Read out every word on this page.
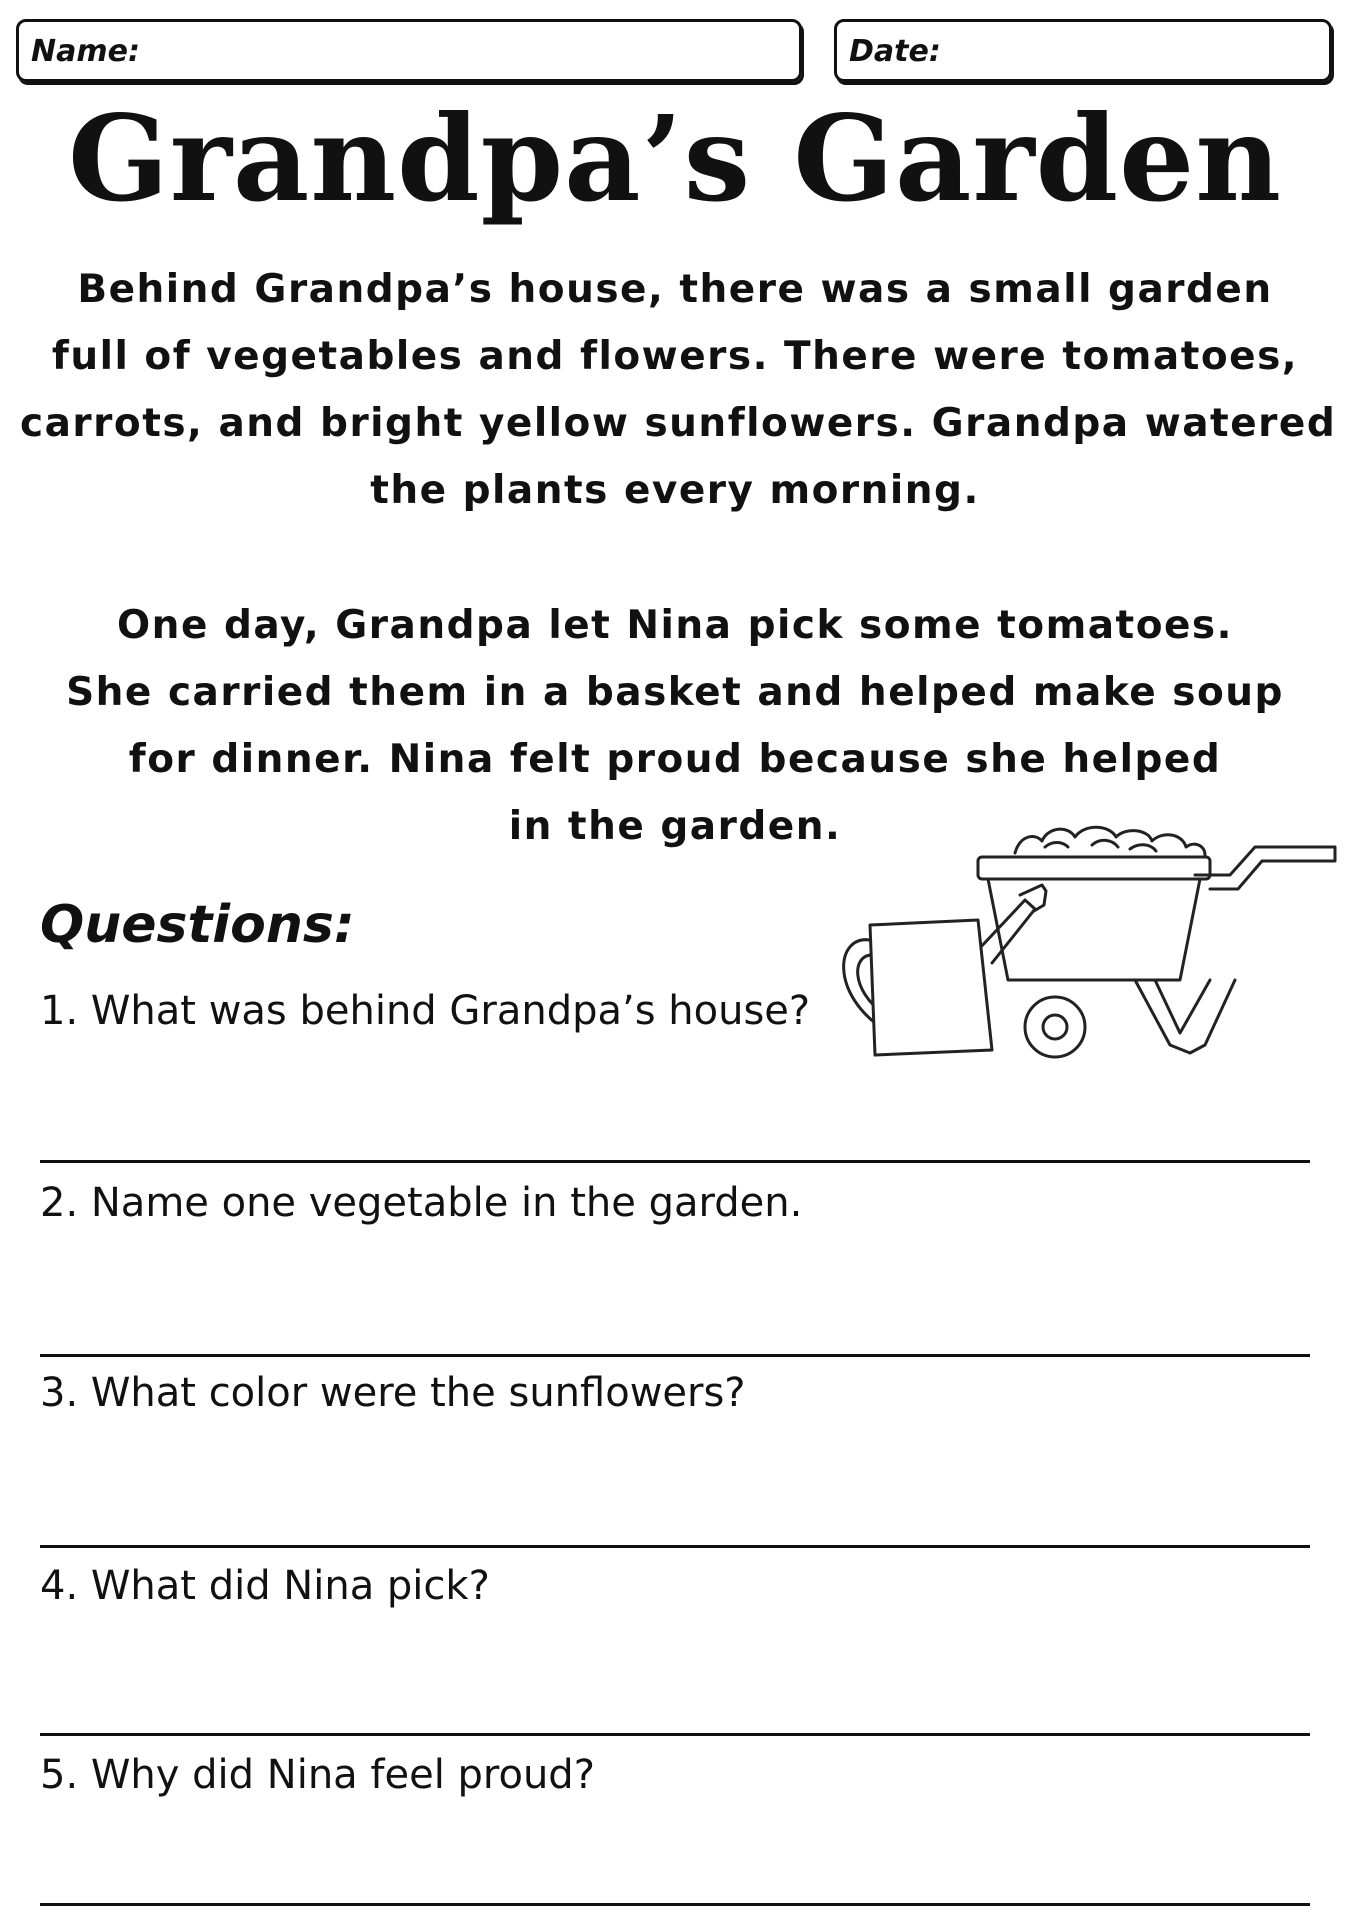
Name:	Date:
Grandpa’s Garden
Behind Grandpa’s house, there was a small garden
full of vegetables and flowers. There were tomatoes,
carrots, and bright yellow sunflowers. Grandpa watered
the plants every morning.
One day, Grandpa let Nina pick some tomatoes.
She carried them in a basket and helped make soup
for dinner. Nina felt proud because she helped
in the garden.
Questions:
1. What was behind Grandpa’s house?
2. Name one vegetable in the garden.
3. What color were the sunflowers?
4. What did Nina pick?
5. Why did Nina feel proud?
